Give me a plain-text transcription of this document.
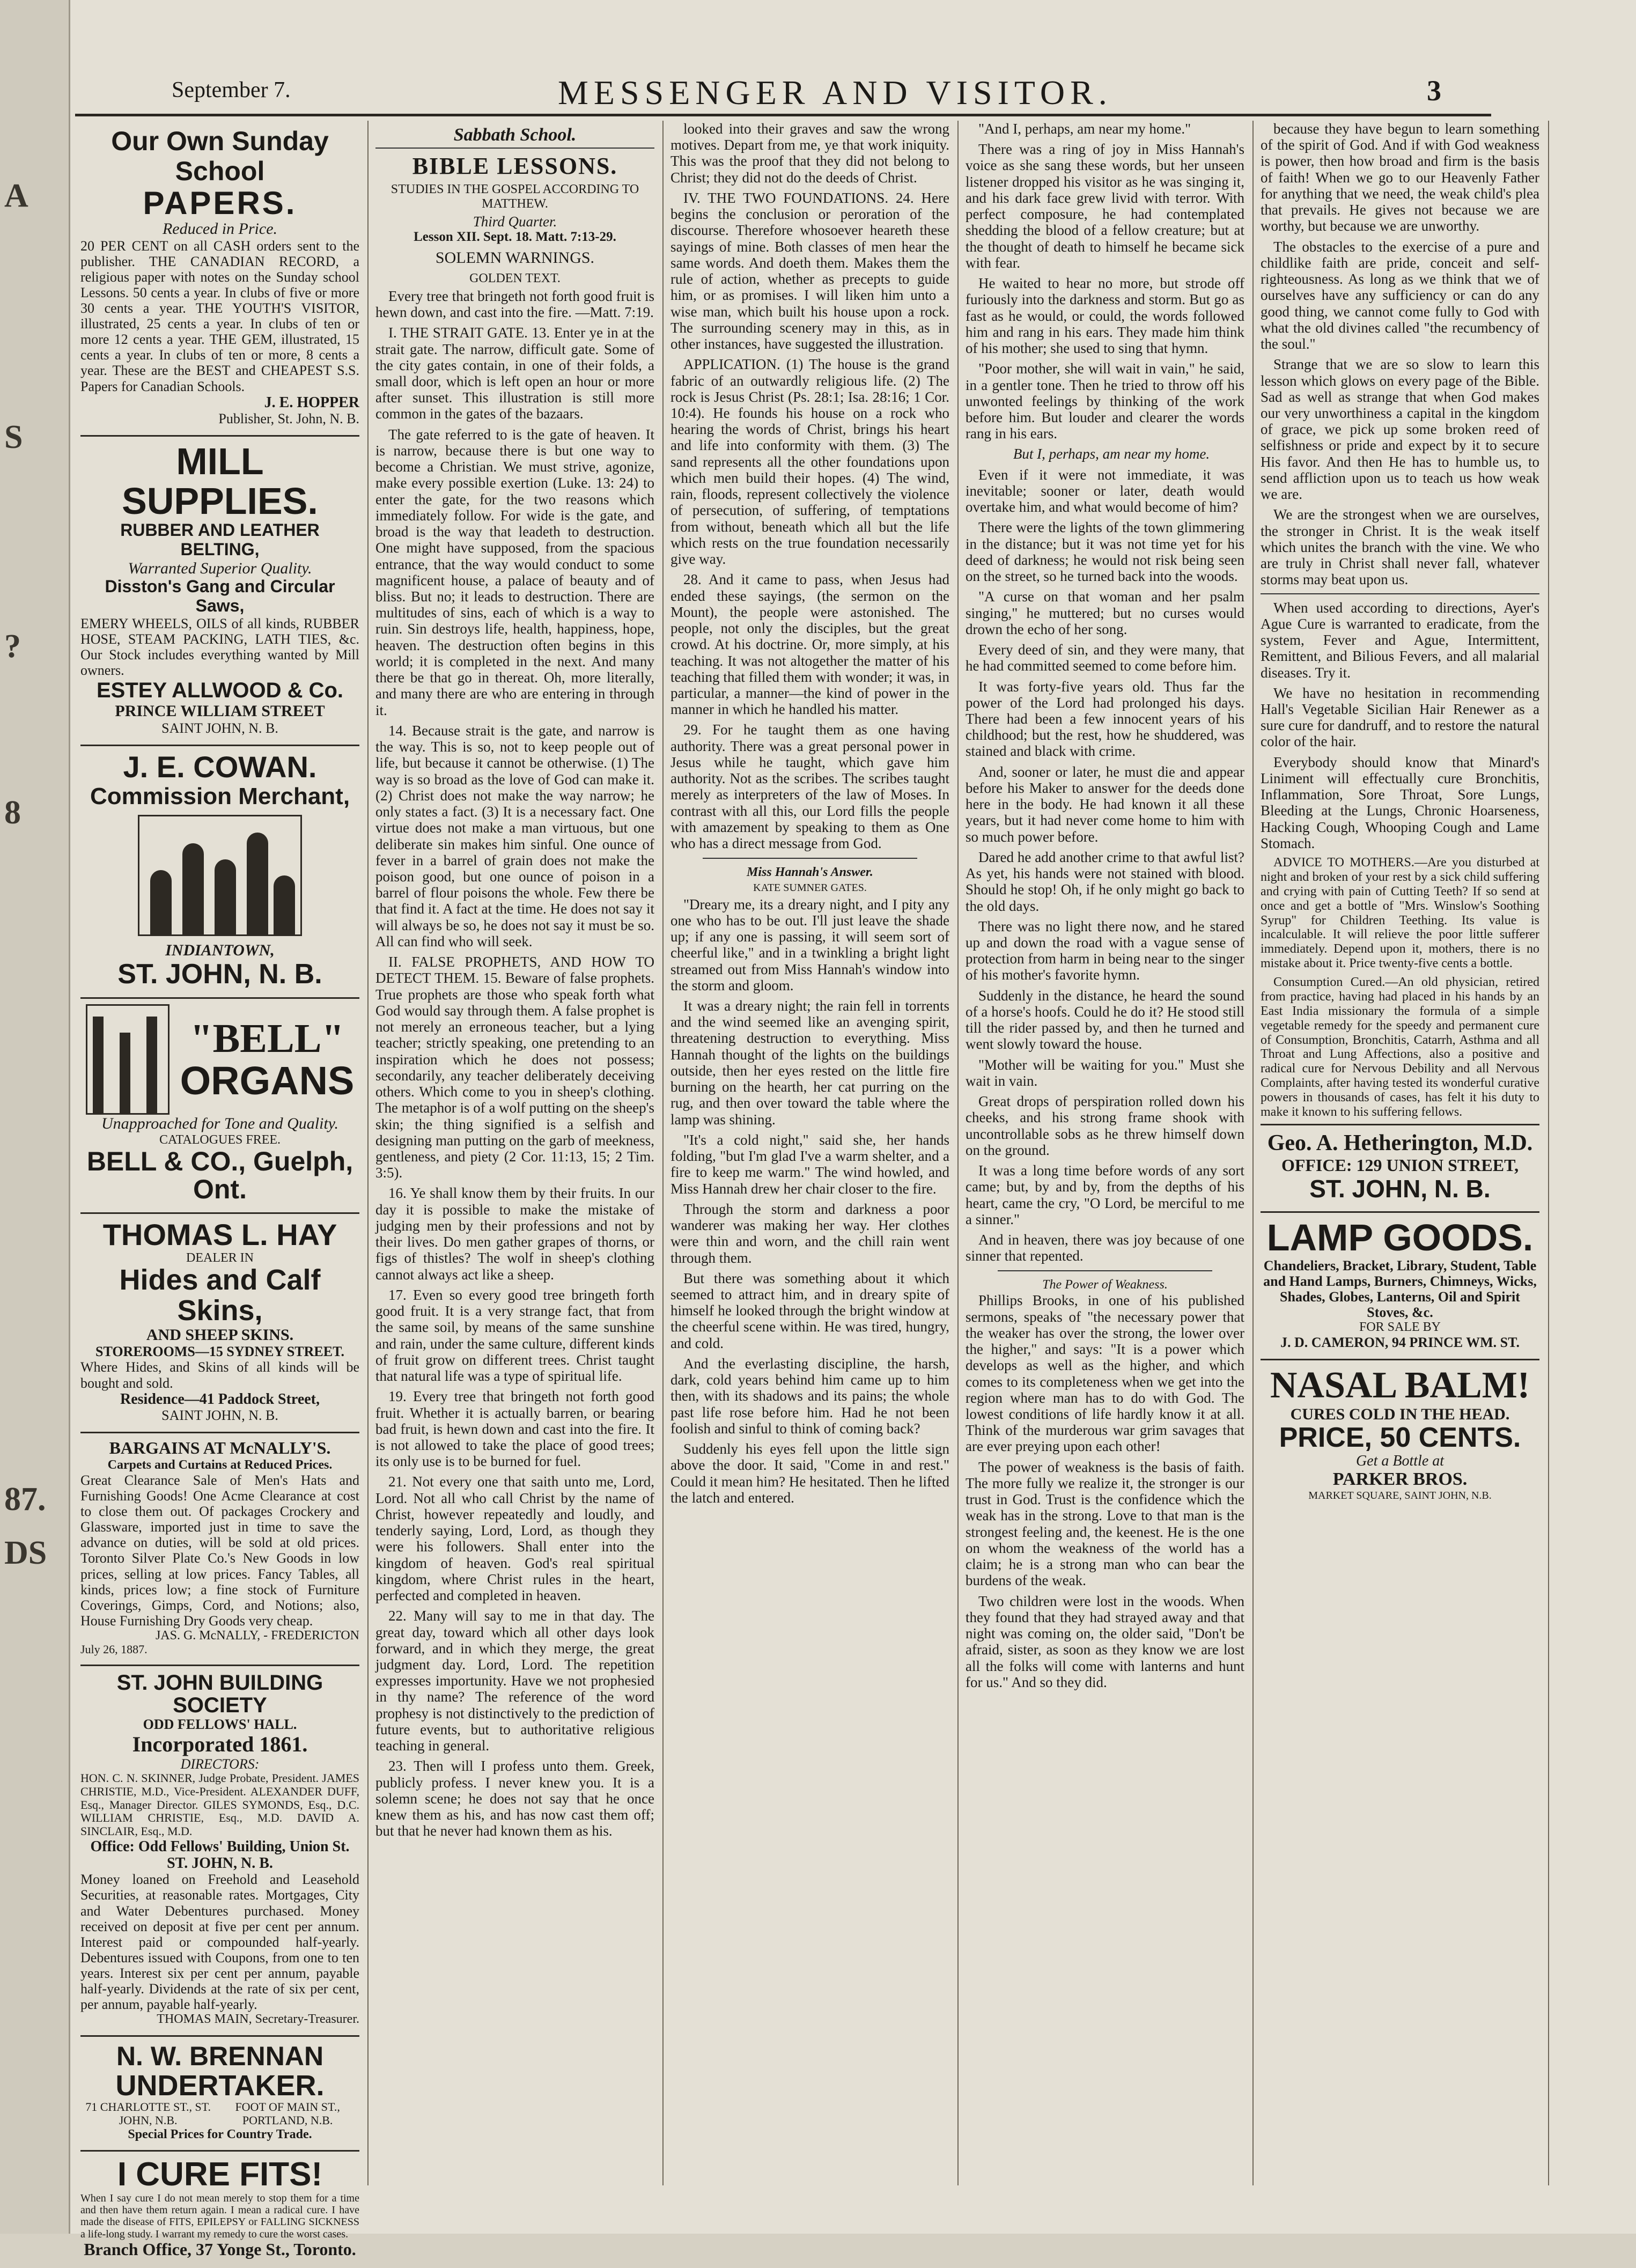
A
S
?
8
87.
DS
September 7.	MESSENGER AND VISITOR.	3
Our Own Sunday School
PAPERS.
Reduced in Price.
20 PER CENT on all CASH orders sent to the publisher. THE CANADIAN RECORD, a religious paper with notes on the Sunday school Lessons. 50 cents a year. In clubs of five or more 30 cents a year. THE YOUTH'S VISITOR, illustrated, 25 cents a year. In clubs of ten or more 12 cents a year. THE GEM, illustrated, 15 cents a year. In clubs of ten or more, 8 cents a year. These are the BEST and CHEAPEST S.S. Papers for Canadian Schools.
J. E. HOPPER
Publisher, St. John, N. B.
MILL SUPPLIES.
RUBBER AND LEATHER BELTING,
Warranted Superior Quality.
Disston's Gang and Circular Saws,
EMERY WHEELS, OILS of all kinds, RUBBER HOSE, STEAM PACKING, LATH TIES, &c. Our Stock includes everything wanted by Mill owners.
ESTEY ALLWOOD & Co.
PRINCE WILLIAM STREET
SAINT JOHN, N. B.
J. E. COWAN.
Commission Merchant,
INDIANTOWN,
ST. JOHN, N. B.
"BELL"
ORGANS
Unapproached for Tone and Quality.
CATALOGUES FREE.
BELL & CO., Guelph, Ont.
THOMAS L. HAY
DEALER IN
Hides and Calf Skins,
AND SHEEP SKINS.
STOREROOMS—15 SYDNEY STREET.
Where Hides, and Skins of all kinds will be bought and sold.
Residence—41 Paddock Street,
SAINT JOHN, N. B.
BARGAINS AT McNALLY'S.
Carpets and Curtains at Reduced Prices.
Great Clearance Sale of Men's Hats and Furnishing Goods! One Acme Clearance at cost to close them out. Of packages Crockery and Glassware, imported just in time to save the advance on duties, will be sold at old prices. Toronto Silver Plate Co.'s New Goods in low prices, selling at low prices. Fancy Tables, all kinds, prices low; a fine stock of Furniture Coverings, Gimps, Cord, and Notions; also, House Furnishing Dry Goods very cheap.
JAS. G. McNALLY, - FREDERICTON
July 26, 1887.
ST. JOHN BUILDING SOCIETY
ODD FELLOWS' HALL.
Incorporated 1861.
DIRECTORS:
HON. C. N. SKINNER, Judge Probate, President. JAMES CHRISTIE, M.D., Vice-President. ALEXANDER DUFF, Esq., Manager Director. GILES SYMONDS, Esq., D.C. WILLIAM CHRISTIE, Esq., M.D. DAVID A. SINCLAIR, Esq., M.D.
Office: Odd Fellows' Building, Union St. ST. JOHN, N. B.
Money loaned on Freehold and Leasehold Securities, at reasonable rates. Mortgages, City and Water Debentures purchased. Money received on deposit at five per cent per annum. Interest paid or compounded half-yearly. Debentures issued with Coupons, from one to ten years. Interest six per cent per annum, payable half-yearly. Dividends at the rate of six per cent, per annum, payable half-yearly.
THOMAS MAIN, Secretary-Treasurer.
N. W. BRENNAN
UNDERTAKER.
71 CHARLOTTE ST., ST. JOHN, N.B.
FOOT OF MAIN ST., PORTLAND, N.B.
Special Prices for Country Trade.
I CURE FITS!
When I say cure I do not mean merely to stop them for a time and then have them return again. I mean a radical cure. I have made the disease of FITS, EPILEPSY or FALLING SICKNESS a life-long study. I warrant my remedy to cure the worst cases.
Branch Office, 37 Yonge St., Toronto.
Sabbath School.
BIBLE LESSONS.
STUDIES IN THE GOSPEL ACCORDING TO MATTHEW.
Third Quarter.
Lesson XII. Sept. 18. Matt. 7:13-29.
SOLEMN WARNINGS.
GOLDEN TEXT.

Every tree that bringeth not forth good fruit is hewn down, and cast into the fire. —Matt. 7:19.

I. THE STRAIT GATE. 13. Enter ye in at the strait gate. The narrow, difficult gate. Some of the city gates contain, in one of their folds, a small door, which is left open an hour or more after sunset. This illustration is still more common in the gates of the bazaars.

The gate referred to is the gate of heaven. It is narrow, because there is but one way to become a Christian. We must strive, agonize, make every possible exertion (Luke. 13: 24) to enter the gate, for the two reasons which immediately follow. For wide is the gate, and broad is the way that leadeth to destruction. One might have supposed, from the spacious entrance, that the way would conduct to some magnificent house, a palace of beauty and of bliss. But no; it leads to destruction. There are multitudes of sins, each of which is a way to ruin. Sin destroys life, health, happiness, hope, heaven. The destruction often begins in this world; it is completed in the next. And many there be that go in thereat. Oh, more literally, and many there are who are entering in through it.

14. Because strait is the gate, and narrow is the way. This is so, not to keep people out of life, but because it cannot be otherwise. (1) The way is so broad as the love of God can make it. (2) Christ does not make the way narrow; he only states a fact. (3) It is a necessary fact. One virtue does not make a man virtuous, but one deliberate sin makes him sinful. One ounce of fever in a barrel of grain does not make the poison good, but one ounce of poison in a barrel of flour poisons the whole. Few there be that find it. A fact at the time. He does not say it will always be so, he does not say it must be so. All can find who will seek.

II. FALSE PROPHETS, AND HOW TO DETECT THEM. 15. Beware of false prophets. True prophets are those who speak forth what God would say through them. A false prophet is not merely an erroneous teacher, but a lying teacher; strictly speaking, one pretending to an inspiration which he does not possess; secondarily, any teacher deliberately deceiving others. Which come to you in sheep's clothing. The metaphor is of a wolf putting on the sheep's skin; the thing signified is a selfish and designing man putting on the garb of meekness, gentleness, and piety (2 Cor. 11:13, 15; 2 Tim. 3:5).

16. Ye shall know them by their fruits. In our day it is possible to make the mistake of judging men by their professions and not by their lives. Do men gather grapes of thorns, or figs of thistles? The wolf in sheep's clothing cannot always act like a sheep.

17. Even so every good tree bringeth forth good fruit. It is a very strange fact, that from the same soil, by means of the same sunshine and rain, under the same culture, different kinds of fruit grow on different trees. Christ taught that natural life was a type of spiritual life.

19. Every tree that bringeth not forth good fruit. Whether it is actually barren, or bearing bad fruit, is hewn down and cast into the fire. It is not allowed to take the place of good trees; its only use is to be burned for fuel.

21. Not every one that saith unto me, Lord, Lord. Not all who call Christ by the name of Christ, however repeatedly and loudly, and tenderly saying, Lord, Lord, as though they were his followers. Shall enter into the kingdom of heaven. God's real spiritual kingdom, where Christ rules in the heart, perfected and completed in heaven.

22. Many will say to me in that day. The great day, toward which all other days look forward, and in which they merge, the great judgment day. Lord, Lord. The repetition expresses importunity. Have we not prophesied in thy name? The reference of the word prophesy is not distinctively to the prediction of future events, but to authoritative religious teaching in general.

23. Then will I profess unto them. Greek, publicly profess. I never knew you. It is a solemn scene; he does not say that he once knew them as his, and has now cast them off; but that he never had known them as his.

looked into their graves and saw the wrong motives. Depart from me, ye that work iniquity. This was the proof that they did not belong to Christ; they did not do the deeds of Christ.

IV. THE TWO FOUNDATIONS. 24. Here begins the conclusion or peroration of the discourse. Therefore whosoever heareth these sayings of mine. Both classes of men hear the same words. And doeth them. Makes them the rule of action, whether as precepts to guide him, or as promises. I will liken him unto a wise man, which built his house upon a rock. The surrounding scenery may in this, as in other instances, have suggested the illustration.

APPLICATION. (1) The house is the grand fabric of an outwardly religious life. (2) The rock is Jesus Christ (Ps. 28:1; Isa. 28:16; 1 Cor. 10:4). He founds his house on a rock who hearing the words of Christ, brings his heart and life into conformity with them. (3) The sand represents all the other foundations upon which men build their hopes. (4) The wind, rain, floods, represent collectively the violence of persecution, of suffering, of temptations from without, beneath which all but the life which rests on the true foundation necessarily give way.

28. And it came to pass, when Jesus had ended these sayings, (the sermon on the Mount), the people were astonished. The people, not only the disciples, but the great crowd. At his doctrine. Or, more simply, at his teaching. It was not altogether the matter of his teaching that filled them with wonder; it was, in particular, a manner—the kind of power in the manner in which he handled his matter.

29. For he taught them as one having authority. There was a great personal power in Jesus while he taught, which gave him authority. Not as the scribes. The scribes taught merely as interpreters of the law of Moses. In contrast with all this, our Lord fills the people with amazement by speaking to them as One who has a direct message from God.

Miss Hannah's Answer.
KATE SUMNER GATES.

"Dreary me, its a dreary night, and I pity any one who has to be out. I'll just leave the shade up; if any one is passing, it will seem sort of cheerful like," and in a twinkling a bright light streamed out from Miss Hannah's window into the storm and gloom.

It was a dreary night; the rain fell in torrents and the wind seemed like an avenging spirit, threatening destruction to everything. Miss Hannah thought of the lights on the buildings outside, then her eyes rested on the little fire burning on the hearth, her cat purring on the rug, and then over toward the table where the lamp was shining.

"It's a cold night," said she, her hands folding, "but I'm glad I've a warm shelter, and a fire to keep me warm." The wind howled, and Miss Hannah drew her chair closer to the fire.

Through the storm and darkness a poor wanderer was making her way. Her clothes were thin and worn, and the chill rain went through them.

But there was something about it which seemed to attract him, and in dreary spite of himself he looked through the bright window at the cheerful scene within. He was tired, hungry, and cold.

And the everlasting discipline, the harsh, dark, cold years behind him came up to him then, with its shadows and its pains; the whole past life rose before him. Had he not been foolish and sinful to think of coming back?

Suddenly his eyes fell upon the little sign above the door. It said, "Come in and rest." Could it mean him? He hesitated. Then he lifted the latch and entered.

"And I, perhaps, am near my home."

There was a ring of joy in Miss Hannah's voice as she sang these words, but her unseen listener dropped his visitor as he was singing it, and his dark face grew livid with terror. With perfect composure, he had contemplated shedding the blood of a fellow creature; but at the thought of death to himself he became sick with fear.

He waited to hear no more, but strode off furiously into the darkness and storm. But go as fast as he would, or could, the words followed him and rang in his ears. They made him think of his mother; she used to sing that hymn.

"Poor mother, she will wait in vain," he said, in a gentler tone. Then he tried to throw off his unwonted feelings by thinking of the work before him. But louder and clearer the words rang in his ears.

But I, perhaps, am near my home.

Even if it were not immediate, it was inevitable; sooner or later, death would overtake him, and what would become of him?

There were the lights of the town glimmering in the distance; but it was not time yet for his deed of darkness; he would not risk being seen on the street, so he turned back into the woods.

"A curse on that woman and her psalm singing," he muttered; but no curses would drown the echo of her song.

Every deed of sin, and they were many, that he had committed seemed to come before him.

It was forty-five years old. Thus far the power of the Lord had prolonged his days. There had been a few innocent years of his childhood; but the rest, how he shuddered, was stained and black with crime.

And, sooner or later, he must die and appear before his Maker to answer for the deeds done here in the body. He had known it all these years, but it had never come home to him with so much power before.

Dared he add another crime to that awful list? As yet, his hands were not stained with blood. Should he stop! Oh, if he only might go back to the old days.

There was no light there now, and he stared up and down the road with a vague sense of protection from harm in being near to the singer of his mother's favorite hymn.

Suddenly in the distance, he heard the sound of a horse's hoofs. Could he do it? He stood still till the rider passed by, and then he turned and went slowly toward the house.

"Mother will be waiting for you." Must she wait in vain.

Great drops of perspiration rolled down his cheeks, and his strong frame shook with uncontrollable sobs as he threw himself down on the ground.

It was a long time before words of any sort came; but, by and by, from the depths of his heart, came the cry, "O Lord, be merciful to me a sinner."

And in heaven, there was joy because of one sinner that repented.

The Power of Weakness.

Phillips Brooks, in one of his published sermons, speaks of "the necessary power that the weaker has over the strong, the lower over the higher," and says: "It is a power which develops as well as the higher, and which comes to its completeness when we get into the region where man has to do with God. The lowest conditions of life hardly know it at all. Think of the murderous war grim savages that are ever preying upon each other!

The power of weakness is the basis of faith. The more fully we realize it, the stronger is our trust in God. Trust is the confidence which the weak has in the strong. Love to that man is the strongest feeling and, the keenest. He is the one on whom the weakness of the world has a claim; he is a strong man who can bear the burdens of the weak.

Two children were lost in the woods. When they found that they had strayed away and that night was coming on, the older said, "Don't be afraid, sister, as soon as they know we are lost all the folks will come with lanterns and hunt for us." And so they did.

because they have begun to learn something of the spirit of God. And if with God weakness is power, then how broad and firm is the basis of faith! When we go to our Heavenly Father for anything that we need, the weak child's plea that prevails. He gives not because we are worthy, but because we are unworthy.

The obstacles to the exercise of a pure and childlike faith are pride, conceit and self-righteousness. As long as we think that we of ourselves have any sufficiency or can do any good thing, we cannot come fully to God with what the old divines called "the recumbency of the soul."

Strange that we are so slow to learn this lesson which glows on every page of the Bible. Sad as well as strange that when God makes our very unworthiness a capital in the kingdom of grace, we pick up some broken reed of selfishness or pride and expect by it to secure His favor. And then He has to humble us, to send affliction upon us to teach us how weak we are.

We are the strongest when we are ourselves, the stronger in Christ. It is the weak itself which unites the branch with the vine. We who are truly in Christ shall never fall, whatever storms may beat upon us.

When used according to directions, Ayer's Ague Cure is warranted to eradicate, from the system, Fever and Ague, Intermittent, Remittent, and Bilious Fevers, and all malarial diseases. Try it.

We have no hesitation in recommending Hall's Vegetable Sicilian Hair Renewer as a sure cure for dandruff, and to restore the natural color of the hair.

Everybody should know that Minard's Liniment will effectually cure Bronchitis, Inflammation, Sore Throat, Sore Lungs, Bleeding at the Lungs, Chronic Hoarseness, Hacking Cough, Whooping Cough and Lame Stomach.

ADVICE TO MOTHERS.—Are you disturbed at night and broken of your rest by a sick child suffering and crying with pain of Cutting Teeth? If so send at once and get a bottle of "Mrs. Winslow's Soothing Syrup" for Children Teething. Its value is incalculable. It will relieve the poor little sufferer immediately. Depend upon it, mothers, there is no mistake about it. Price twenty-five cents a bottle.

Consumption Cured.—An old physician, retired from practice, having had placed in his hands by an East India missionary the formula of a simple vegetable remedy for the speedy and permanent cure of Consumption, Bronchitis, Catarrh, Asthma and all Throat and Lung Affections, also a positive and radical cure for Nervous Debility and all Nervous Complaints, after having tested its wonderful curative powers in thousands of cases, has felt it his duty to make it known to his suffering fellows.

Geo. A. Hetherington, M.D.
OFFICE: 129 UNION STREET,
ST. JOHN, N. B.
LAMP GOODS.
Chandeliers, Bracket, Library, Student, Table and Hand Lamps, Burners, Chimneys, Wicks, Shades, Globes, Lanterns, Oil and Spirit Stoves, &c.
FOR SALE BY
J. D. CAMERON, 94 PRINCE WM. ST.
NASAL BALM!
CURES COLD IN THE HEAD.
PRICE, 50 CENTS.
Get a Bottle at
PARKER BROS.
MARKET SQUARE, SAINT JOHN, N.B.
